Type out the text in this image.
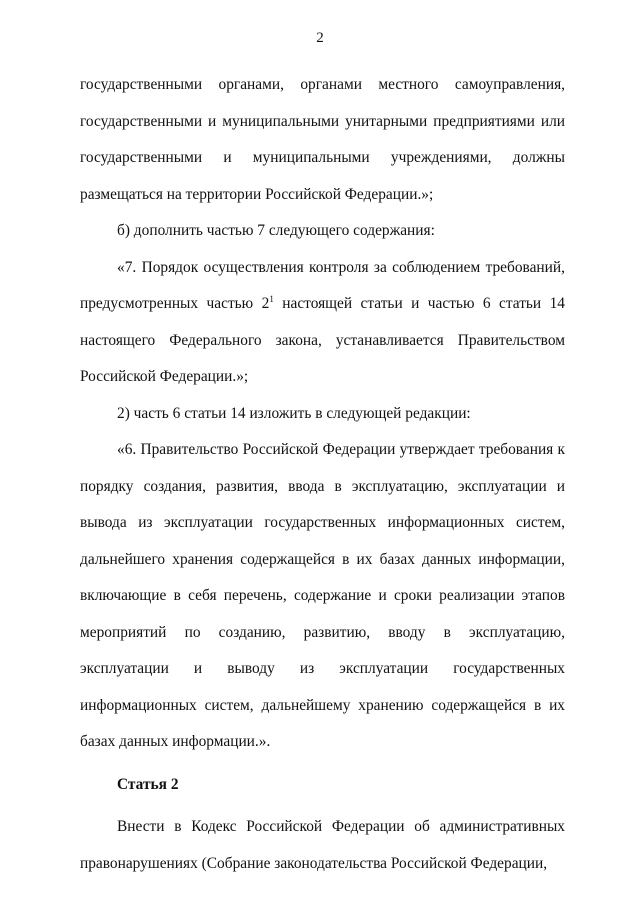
2

государственными органами, органами местного самоуправления, государственными и муниципальными унитарными предприятиями или государственными и муниципальными учреждениями, должны размещаться на территории Российской Федерации.»;

б) дополнить частью 7 следующего содержания:

«7. Порядок осуществления контроля за соблюдением требований, предусмотренных частью $2^1$ настоящей статьи и частью 6 статьи 14 настоящего Федерального закона, устанавливается Правительством Российской Федерации.»;

2) часть 6 статьи 14 изложить в следующей редакции:

«6. Правительство Российской Федерации утверждает требования к порядку создания, развития, ввода в эксплуатацию, эксплуатации и вывода из эксплуатации государственных информационных систем, дальнейшего хранения содержащейся в их базах данных информации, включающие в себя перечень, содержание и сроки реализации этапов мероприятий по созданию, развитию, вводу в эксплуатацию, эксплуатации и выводу из эксплуатации государственных информационных систем, дальнейшему хранению содержащейся в их базах данных информации.».

Статья 2

Внести в Кодекс Российской Федерации об административных правонарушениях (Собрание законодательства Российской Федерации,
